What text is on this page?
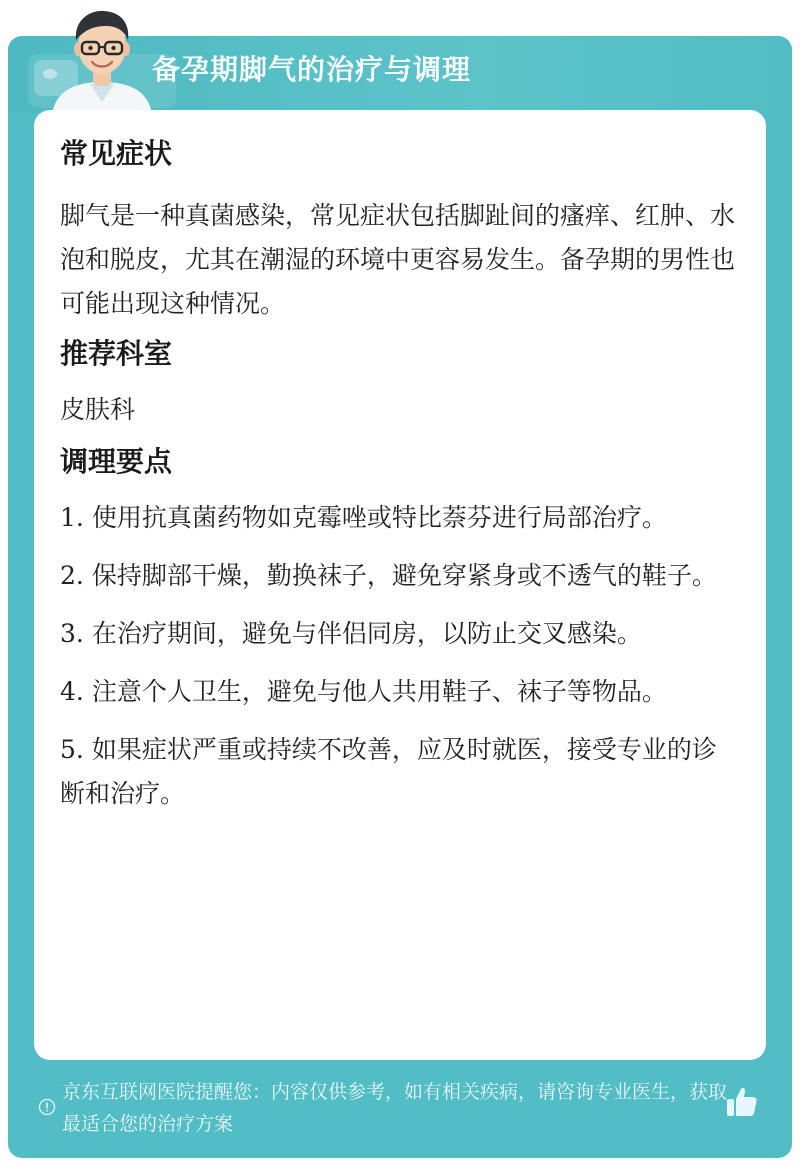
备孕期脚气的治疗与调理
常见症状
脚气是一种真菌感染，常见症状包括脚趾间的瘙痒、红肿、水泡和脱皮，尤其在潮湿的环境中更容易发生。备孕期的男性也可能出现这种情况。
推荐科室
皮肤科
调理要点
1. 使用抗真菌药物如克霉唑或特比萘芬进行局部治疗。
2. 保持脚部干燥，勤换袜子，避免穿紧身或不透气的鞋子。
3. 在治疗期间，避免与伴侣同房，以防止交叉感染。
4. 注意个人卫生，避免与他人共用鞋子、袜子等物品。
5. 如果症状严重或持续不改善，应及时就医，接受专业的诊断和治疗。
京东互联网医院提醒您：内容仅供参考，如有相关疾病，请咨询专业医生，获取最适合您的治疗方案
